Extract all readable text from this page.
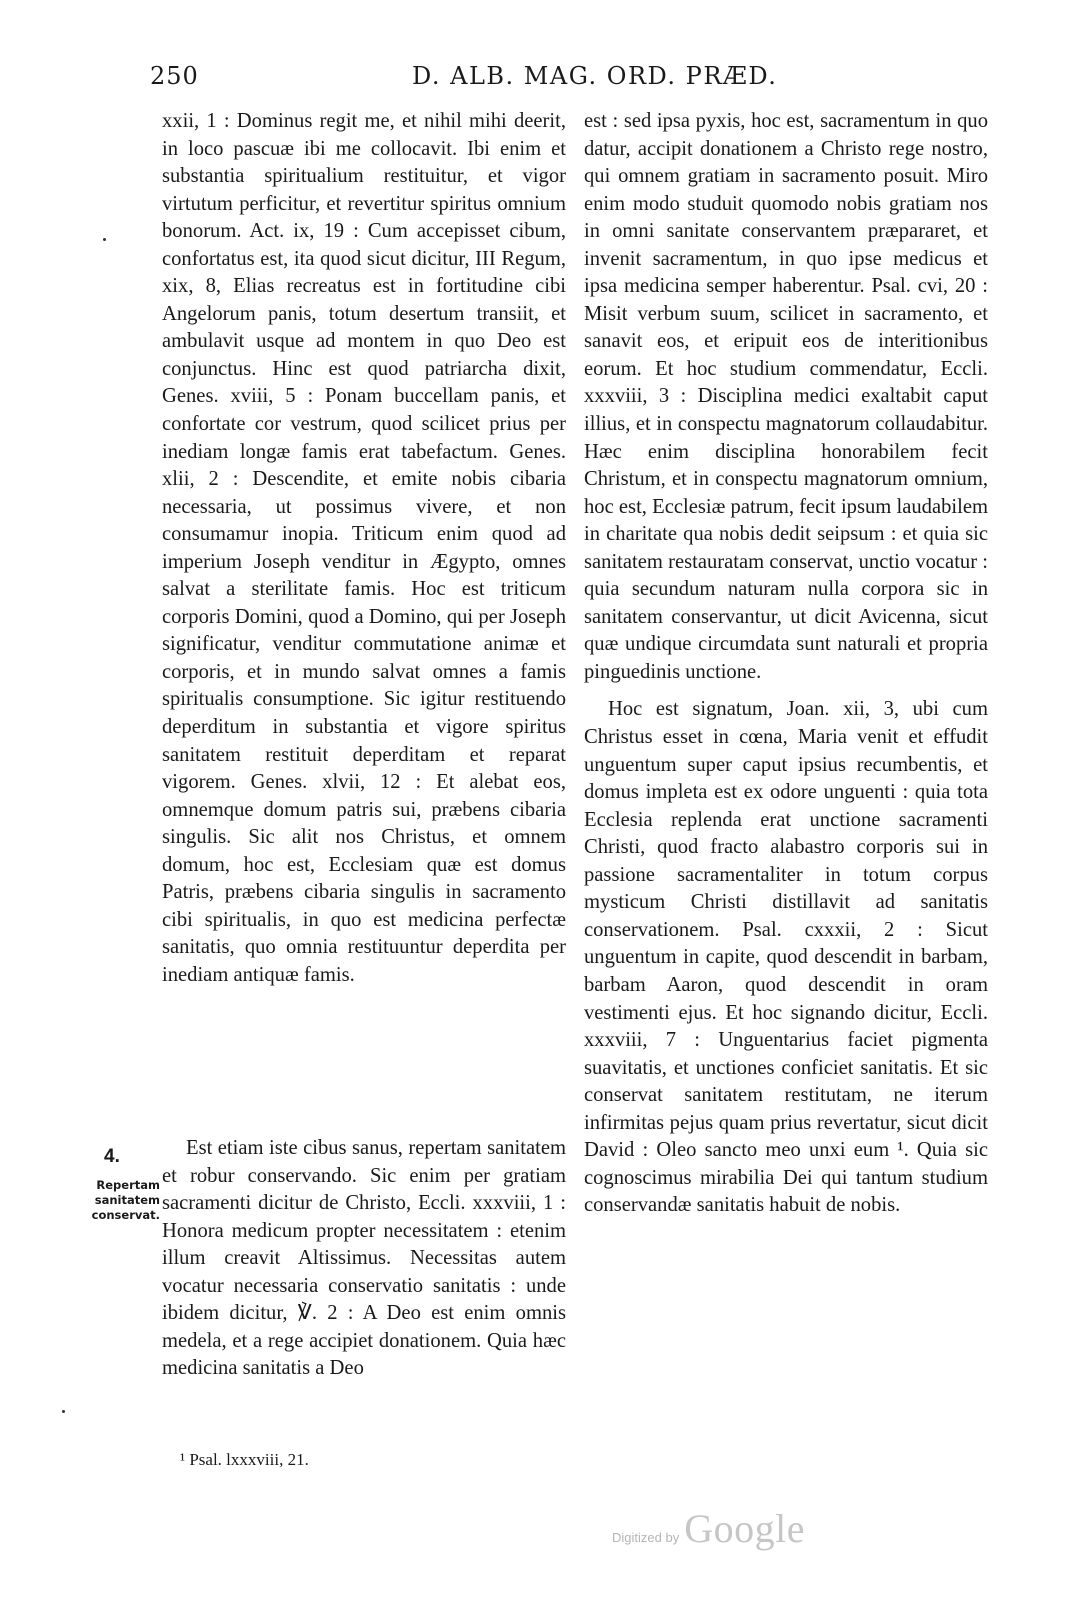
250	D. ALB. MAG. ORD. PRÆD.

xxii, 1 : Dominus regit me, et nihil mihi deerit, in loco pascuæ ibi me collocavit. Ibi enim et substantia spiritualium restituitur, et vigor virtutum perficitur, et revertitur spiritus omnium bonorum. Act. ix, 19 : Cum accepisset cibum, confortatus est, ita quod sicut dicitur, III Regum, xix, 8, Elias recreatus est in fortitudine cibi Angelorum panis, totum desertum transiit, et ambulavit usque ad montem in quo Deo est conjunctus. Hinc est quod patriarcha dixit, Genes. xviii, 5 : Ponam buccellam panis, et confortate cor vestrum, quod scilicet prius per inediam longæ famis erat tabefactum. Genes. xlii, 2 : Descendite, et emite nobis cibaria necessaria, ut possimus vivere, et non consumamur inopia. Triticum enim quod ad imperium Joseph venditur in Ægypto, omnes salvat a sterilitate famis. Hoc est triticum corporis Domini, quod a Domino, qui per Joseph significatur, venditur commutatione animæ et corporis, et in mundo salvat omnes a famis spiritualis consumptione. Sic igitur restituendo deperditum in substantia et vigore spiritus sanitatem restituit deperditam et reparat vigorem. Genes. xlvii, 12 : Et alebat eos, omnemque domum patris sui, præbens cibaria singulis. Sic alit nos Christus, et omnem domum, hoc est, Ecclesiam quæ est domus Patris, præbens cibaria singulis in sacramento cibi spiritualis, in quo est medicina perfectæ sanitatis, quo omnia restituuntur deperdita per inediam antiquæ famis.

4.
Repertam
sanitatem
conservat.

Est etiam iste cibus sanus, repertam sanitatem et robur conservando. Sic enim per gratiam sacramenti dicitur de Christo, Eccli. xxxviii, 1 : Honora medicum propter necessitatem : etenim illum creavit Altissimus. Necessitas autem vocatur necessaria conservatio sanitatis : unde ibidem dicitur, ℣. 2 : A Deo est enim omnis medela, et a rege accipiet donationem. Quia hæc medicina sanitatis a Deo

est : sed ipsa pyxis, hoc est, sacramentum in quo datur, accipit donationem a Christo rege nostro, qui omnem gratiam in sacramento posuit. Miro enim modo studuit quomodo nobis gratiam nos in omni sanitate conservantem præpararet, et invenit sacramentum, in quo ipse medicus et ipsa medicina semper haberentur. Psal. cvi, 20 : Misit verbum suum, scilicet in sacramento, et sanavit eos, et eripuit eos de interitionibus eorum. Et hoc studium commendatur, Eccli. xxxviii, 3 : Disciplina medici exaltabit caput illius, et in conspectu magnatorum collaudabitur. Hæc enim disciplina honorabilem fecit Christum, et in conspectu magnatorum omnium, hoc est, Ecclesiæ patrum, fecit ipsum laudabilem in charitate qua nobis dedit seipsum : et quia sic sanitatem restauratam conservat, unctio vocatur : quia secundum naturam nulla corpora sic in sanitatem conservantur, ut dicit Avicenna, sicut quæ undique circumdata sunt naturali et propria pinguedinis unctione.

Hoc est signatum, Joan. xii, 3, ubi cum Christus esset in cœna, Maria venit et effudit unguentum super caput ipsius recumbentis, et domus impleta est ex odore unguenti : quia tota Ecclesia replenda erat unctione sacramenti Christi, quod fracto alabastro corporis sui in passione sacramentaliter in totum corpus mysticum Christi distillavit ad sanitatis conservationem. Psal. cxxxii, 2 : Sicut unguentum in capite, quod descendit in barbam, barbam Aaron, quod descendit in oram vestimenti ejus. Et hoc signando dicitur, Eccli. xxxviii, 7 : Unguentarius faciet pigmenta suavitatis, et unctiones conficiet sanitatis. Et sic conservat sanitatem restitutam, ne iterum infirmitas pejus quam prius revertatur, sicut dicit David : Oleo sancto meo unxi eum ¹. Quia sic cognoscimus mirabilia Dei qui tantum studium conservandæ sanitatis habuit de nobis.

¹ Psal. lxxxviii, 21.
Digitized by Google
